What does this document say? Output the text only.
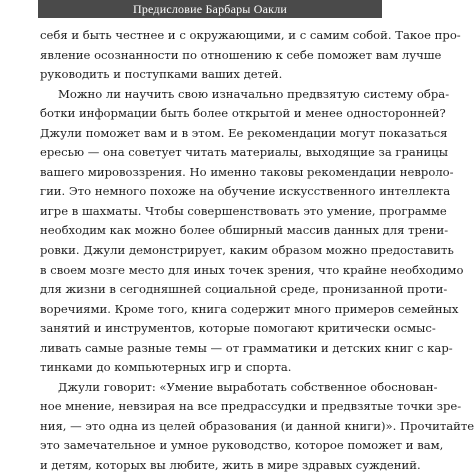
Предисловие Барбары Оакли
себя и быть честнее и с окружающими, и с самим собой. Такое про-
явление осознанности по отношению к себе поможет вам лучше
руководить и поступками ваших детей.
Можно ли научить свою изначально предвзятую систему обра-
ботки информации быть более открытой и менее односторонней?
Джули поможет вам и в этом. Ее рекомендации могут показаться
ересью — она советует читать материалы, выходящие за границы
вашего мировоззрения. Но именно таковы рекомендации невроло-
гии. Это немного похоже на обучение искусственного интеллекта
игре в шахматы. Чтобы совершенствовать это умение, программе
необходим как можно более обширный массив данных для трени-
ровки. Джули демонстрирует, каким образом можно предоставить
в своем мозге место для иных точек зрения, что крайне необходимо
для жизни в сегодняшней социальной среде, пронизанной проти-
воречиями. Кроме того, книга содержит много примеров семейных
занятий и инструментов, которые помогают критически осмыс-
ливать самые разные темы — от грамматики и детских книг с кар-
тинками до компьютерных игр и спорта.
Джули говорит: «Умение выработать собственное обоснован-
ное мнение, невзирая на все предрассудки и предвзятые точки зре-
ния, — это одна из целей образования (и данной книги)». Прочитайте
это замечательное и умное руководство, которое поможет и вам,
и детям, которых вы любите, жить в мире здравых суждений.
